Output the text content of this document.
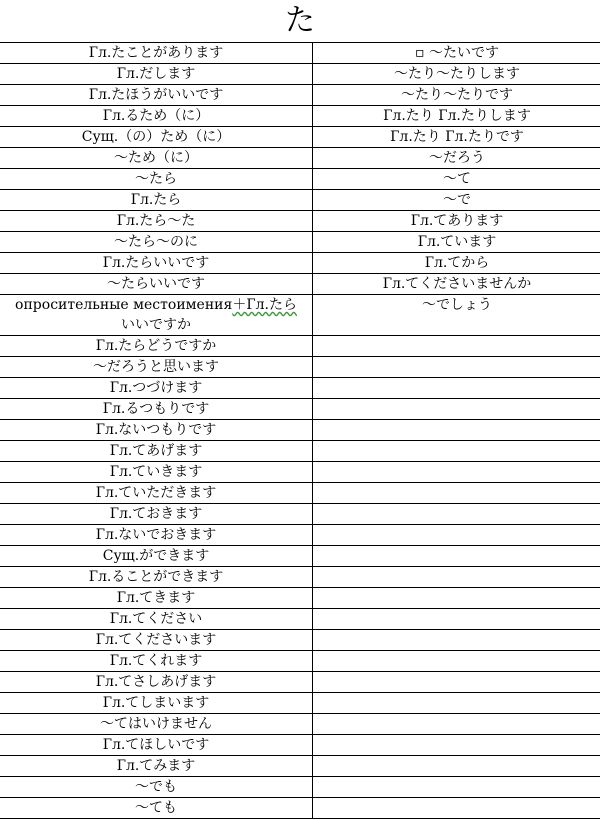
た
Гл.たことがあります	▫ ～たいです
Гл.だします	～たり～たりします
Гл.たほうがいいです	～たり～たりです
Гл.るため（に）	Гл.たり Гл.たりします
Сущ.（の）ため（に）	Гл.たり Гл.たりです
～ため（に）	～だろう
～たら	～て
Гл.たら	～で
Гл.たら～た	Гл.てあります
～たら～のに	Гл.ています
Гл.たらいいです	Гл.てから
～たらいいです	Гл.てくださいませんか
опросительные местоимения＋Гл.たら
いいですか	～でしょう
Гл.たらどうですか	
～だろうと思います	
Гл.つづけます	
Гл.るつもりです	
Гл.ないつもりです	
Гл.てあげます	
Гл.ていきます	
Гл.ていただきます	
Гл.ておきます	
Гл.ないでおきます	
Сущ.ができます	
Гл.ることができます	
Гл.てきます	
Гл.てください	
Гл.てくださいます	
Гл.てくれます	
Гл.てさしあげます	
Гл.てしまいます	
～てはいけません	
Гл.てほしいです	
Гл.てみます	
～でも	
～ても	
